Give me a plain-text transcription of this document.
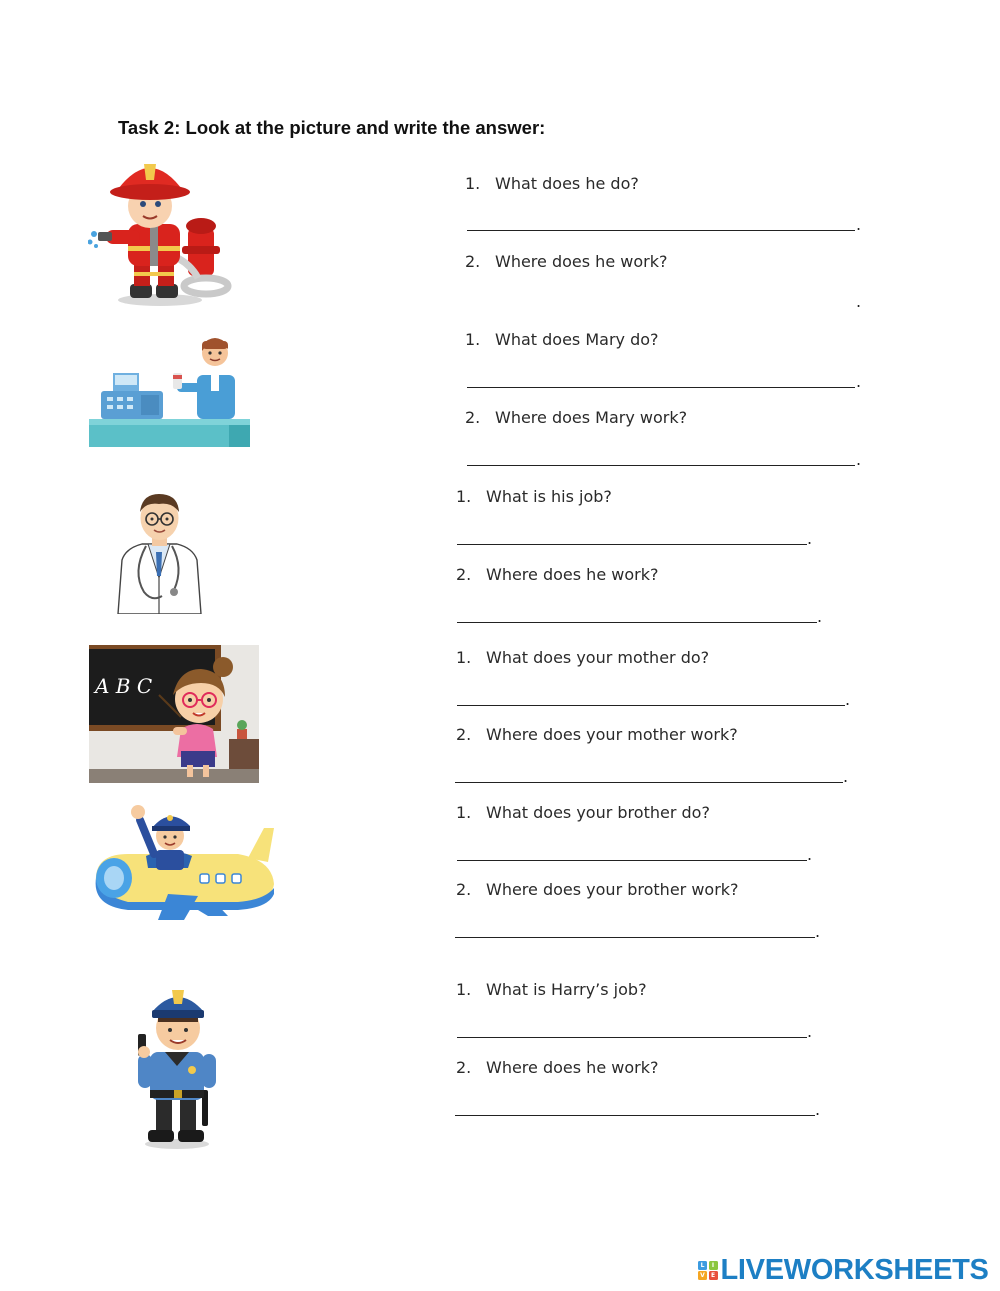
Task 2: Look at the picture and write the answer:
1. What does he do?
.
2. Where does he work?
.
1. What does Mary do?
.
2. Where does Mary work?
.
1. What is his job?
.
2. Where does he work?
.
A B C
1. What does your mother do?
.
2. Where does your mother work?
.
1. What does your brother do?
.
2. Where does your brother work?
.
1. What is Harry’s job?
.
2. Where does he work?
.
L	I
V	E LIVEWORKSHEETS
